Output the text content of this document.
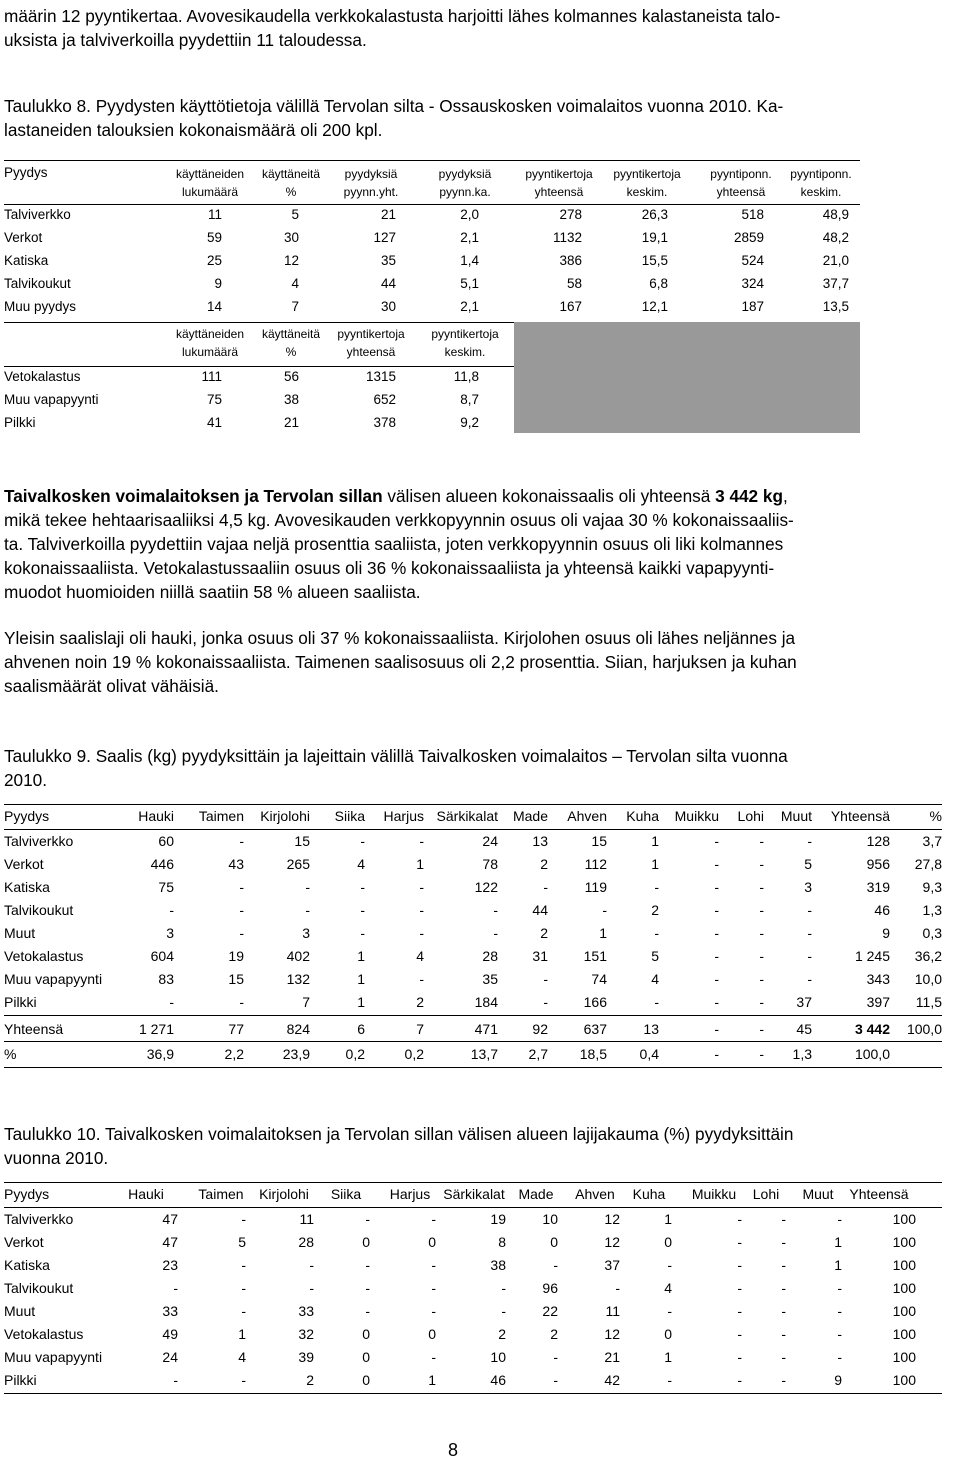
määrin 12 pyyntikertaa. Avovesikaudella verkkokalastusta harjoitti lähes kolmannes kalastaneista talo-

uksista ja talviverkoilla pyydettiin 11 taloudessa.

Taulukko 8. Pyydysten käyttötietoja välillä Tervolan silta - Ossauskosken voimalaitos vuonna 2010. Ka-

lastaneiden talouksien kokonaismäärä oli 200 kpl.

Pyydys	käyttäneiden	käyttäneitä	pyydyksiä	pyydyksiä	pyyntikertoja	pyyntikertoja	pyyntiponn.	pyyntiponn.
lukumäärä	%	pyynn.yht.	pyynn.ka.	yhteensä	keskim.	yhteensä	keskim.
Talviverkko	11	5	21	2,0	278	26,3	518	48,9
Verkot	59	30	127	2,1	1132	19,1	2859	48,2
Katiska	25	12	35	1,4	386	15,5	524	21,0
Talvikoukut	9	4	44	5,1	58	6,8	324	37,7
Muu pyydys	14	7	30	2,1	167	12,1	187	13,5
käyttäneiden	käyttäneitä	pyyntikertoja	pyyntikertoja
lukumäärä	%	yhteensä	keskim.
Vetokalastus	111	56	1315	11,8
Muu vapapyynti	75	38	652	8,7
Pilkki	41	21	378	9,2

Taivalkosken voimalaitoksen ja Tervolan sillan välisen alueen kokonaissaalis oli yhteensä 3 442 kg,

mikä tekee hehtaarisaaliiksi 4,5 kg. Avovesikauden verkkopyynnin osuus oli vajaa 30 % kokonaissaaliis-

ta. Talviverkoilla pyydettiin vajaa neljä prosenttia saaliista, joten verkkopyynnin osuus oli liki kolmannes

kokonaissaaliista. Vetokalastussaaliin osuus oli 36 % kokonaissaaliista ja yhteensä kaikki vapapyynti-

muodot huomioiden niillä saatiin 58 % alueen saaliista.

Yleisin saalislaji oli hauki, jonka osuus oli 37 % kokonaissaaliista. Kirjolohen osuus oli lähes neljännes ja

ahvenen noin 19 % kokonaissaaliista. Taimenen saalisosuus oli 2,2 prosenttia. Siian, harjuksen ja kuhan

saalismäärät olivat vähäisiä.

Taulukko 9. Saalis (kg) pyydyksittäin ja lajeittain välillä Taivalkosken voimalaitos – Tervolan silta vuonna

2010.

Pyydys	Hauki	Taimen	Kirjolohi	Siika	Harjus Särkikalat	Made	Ahven	Kuha	Muikku	Lohi	Muut	Yhteensä	%
Talviverkko	60	-	15	-	-	24	13	15	1	-	-	-	128	3,7
Verkot	446	43	265	4	1	78	2	112	1	-	-	5	956	27,8
Katiska	75	-	-	-	-	122	-	119	-	-	-	3	319	9,3
Talvikoukut	-	-	-	-	-	-	44	-	2	-	-	-	46	1,3
Muut	3	-	3	-	-	-	2	1	-	-	-	-	9	0,3
Vetokalastus	604	19	402	1	4	28	31	151	5	-	-	-	1 245	36,2
Muu vapapyynti	83	15	132	1	-	35	-	74	4	-	-	-	343	10,0
Pilkki	-	-	7	1	2	184	-	166	-	-	-	37	397	11,5
Yhteensä	1 271	77	824	6	7	471	92	637	13	-	-	45	3 442	100,0
%	36,9	2,2	23,9	0,2	0,2	13,7	2,7	18,5	0,4	-	-	1,3	100,0

Taulukko 10. Taivalkosken voimalaitoksen ja Tervolan sillan välisen alueen lajijakauma (%) pyydyksittäin

vuonna 2010.

Pyydys	Hauki	Taimen	Kirjolohi	Siika	Harjus Särkikalat Made	Ahven	Kuha	Muikku	Lohi	Muut	Yhteensä
Talviverkko	47	-	11	-	-	19	10	12	1	-	-	-	100
Verkot	47	5	28	0	0	8	0	12	0	-	-	1	100
Katiska	23	-	-	-	-	38	-	37	-	-	-	1	100
Talvikoukut	-	-	-	-	-	-	96	-	4	-	-	-	100
Muut	33	-	33	-	-	-	22	11	-	-	-	-	100
Vetokalastus	49	1	32	0	0	2	2	12	0	-	-	-	100
Muu vapapyynti	24	4	39	0	-	10	-	21	1	-	-	-	100
Pilkki	-	-	2	0	1	46	-	42	-	-	-	9	100
8
